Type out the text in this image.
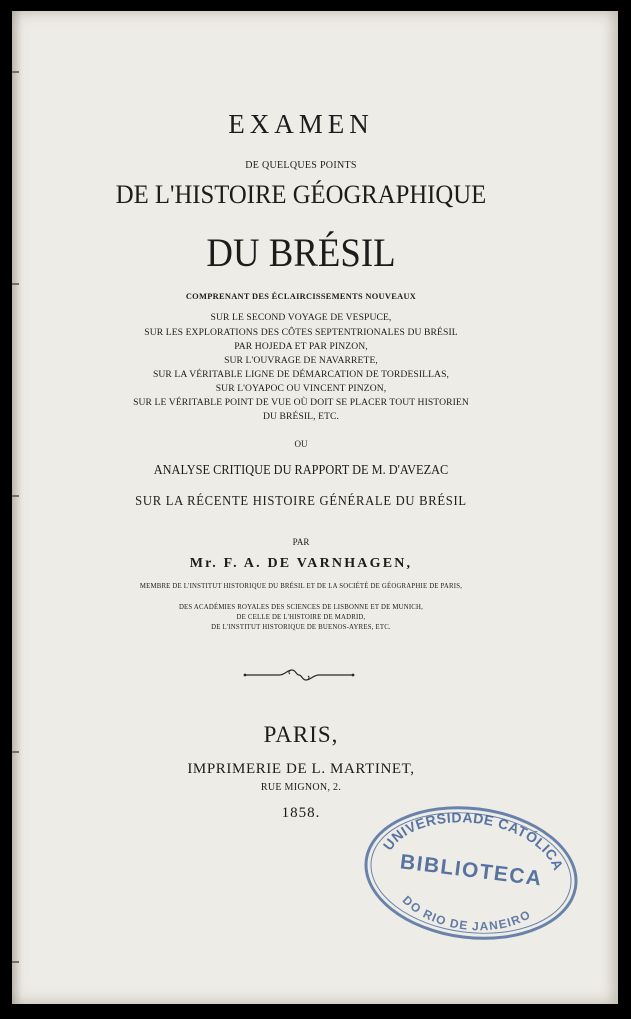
EXAMEN
DE QUELQUES POINTS
DE L'HISTOIRE GÉOGRAPHIQUE
DU BRÉSIL
COMPRENANT DES ÉCLAIRCISSEMENTS NOUVEAUX
SUR LE SECOND VOYAGE DE VESPUCE,
SUR LES EXPLORATIONS DES CÔTES SEPTENTRIONALES DU BRÉSIL
PAR HOJEDA ET PAR PINZON,
SUR L'OUVRAGE DE NAVARRETE,
SUR LA VÉRITABLE LIGNE DE DÉMARCATION DE TORDESILLAS,
SUR L'OYAPOC OU VINCENT PINZON,
SUR LE VÉRITABLE POINT DE VUE OÙ DOIT SE PLACER TOUT HISTORIEN
DU BRÉSIL, ETC.
OU
ANALYSE CRITIQUE DU RAPPORT DE M. D'AVEZAC
SUR LA RÉCENTE HISTOIRE GÉNÉRALE DU BRÉSIL
PAR
Mr. F. A. DE VARNHAGEN,
MEMBRE DE L'INSTITUT HISTORIQUE DU BRÉSIL ET DE LA SOCIÉTÉ DE GÉOGRAPHIE DE PARIS,
DES ACADÉMIES ROYALES DES SCIENCES DE LISBONNE ET DE MUNICH,
DE CELLE DE L'HISTOIRE DE MADRID,
DE L'INSTITUT HISTORIQUE DE BUENOS-AYRES, ETC.
PARIS,
IMPRIMERIE DE L. MARTINET,
RUE MIGNON, 2.
1858.
UNIVERSIDADE CATÓLICA
DO RIO DE JANEIRO
BIBLIOTECA
